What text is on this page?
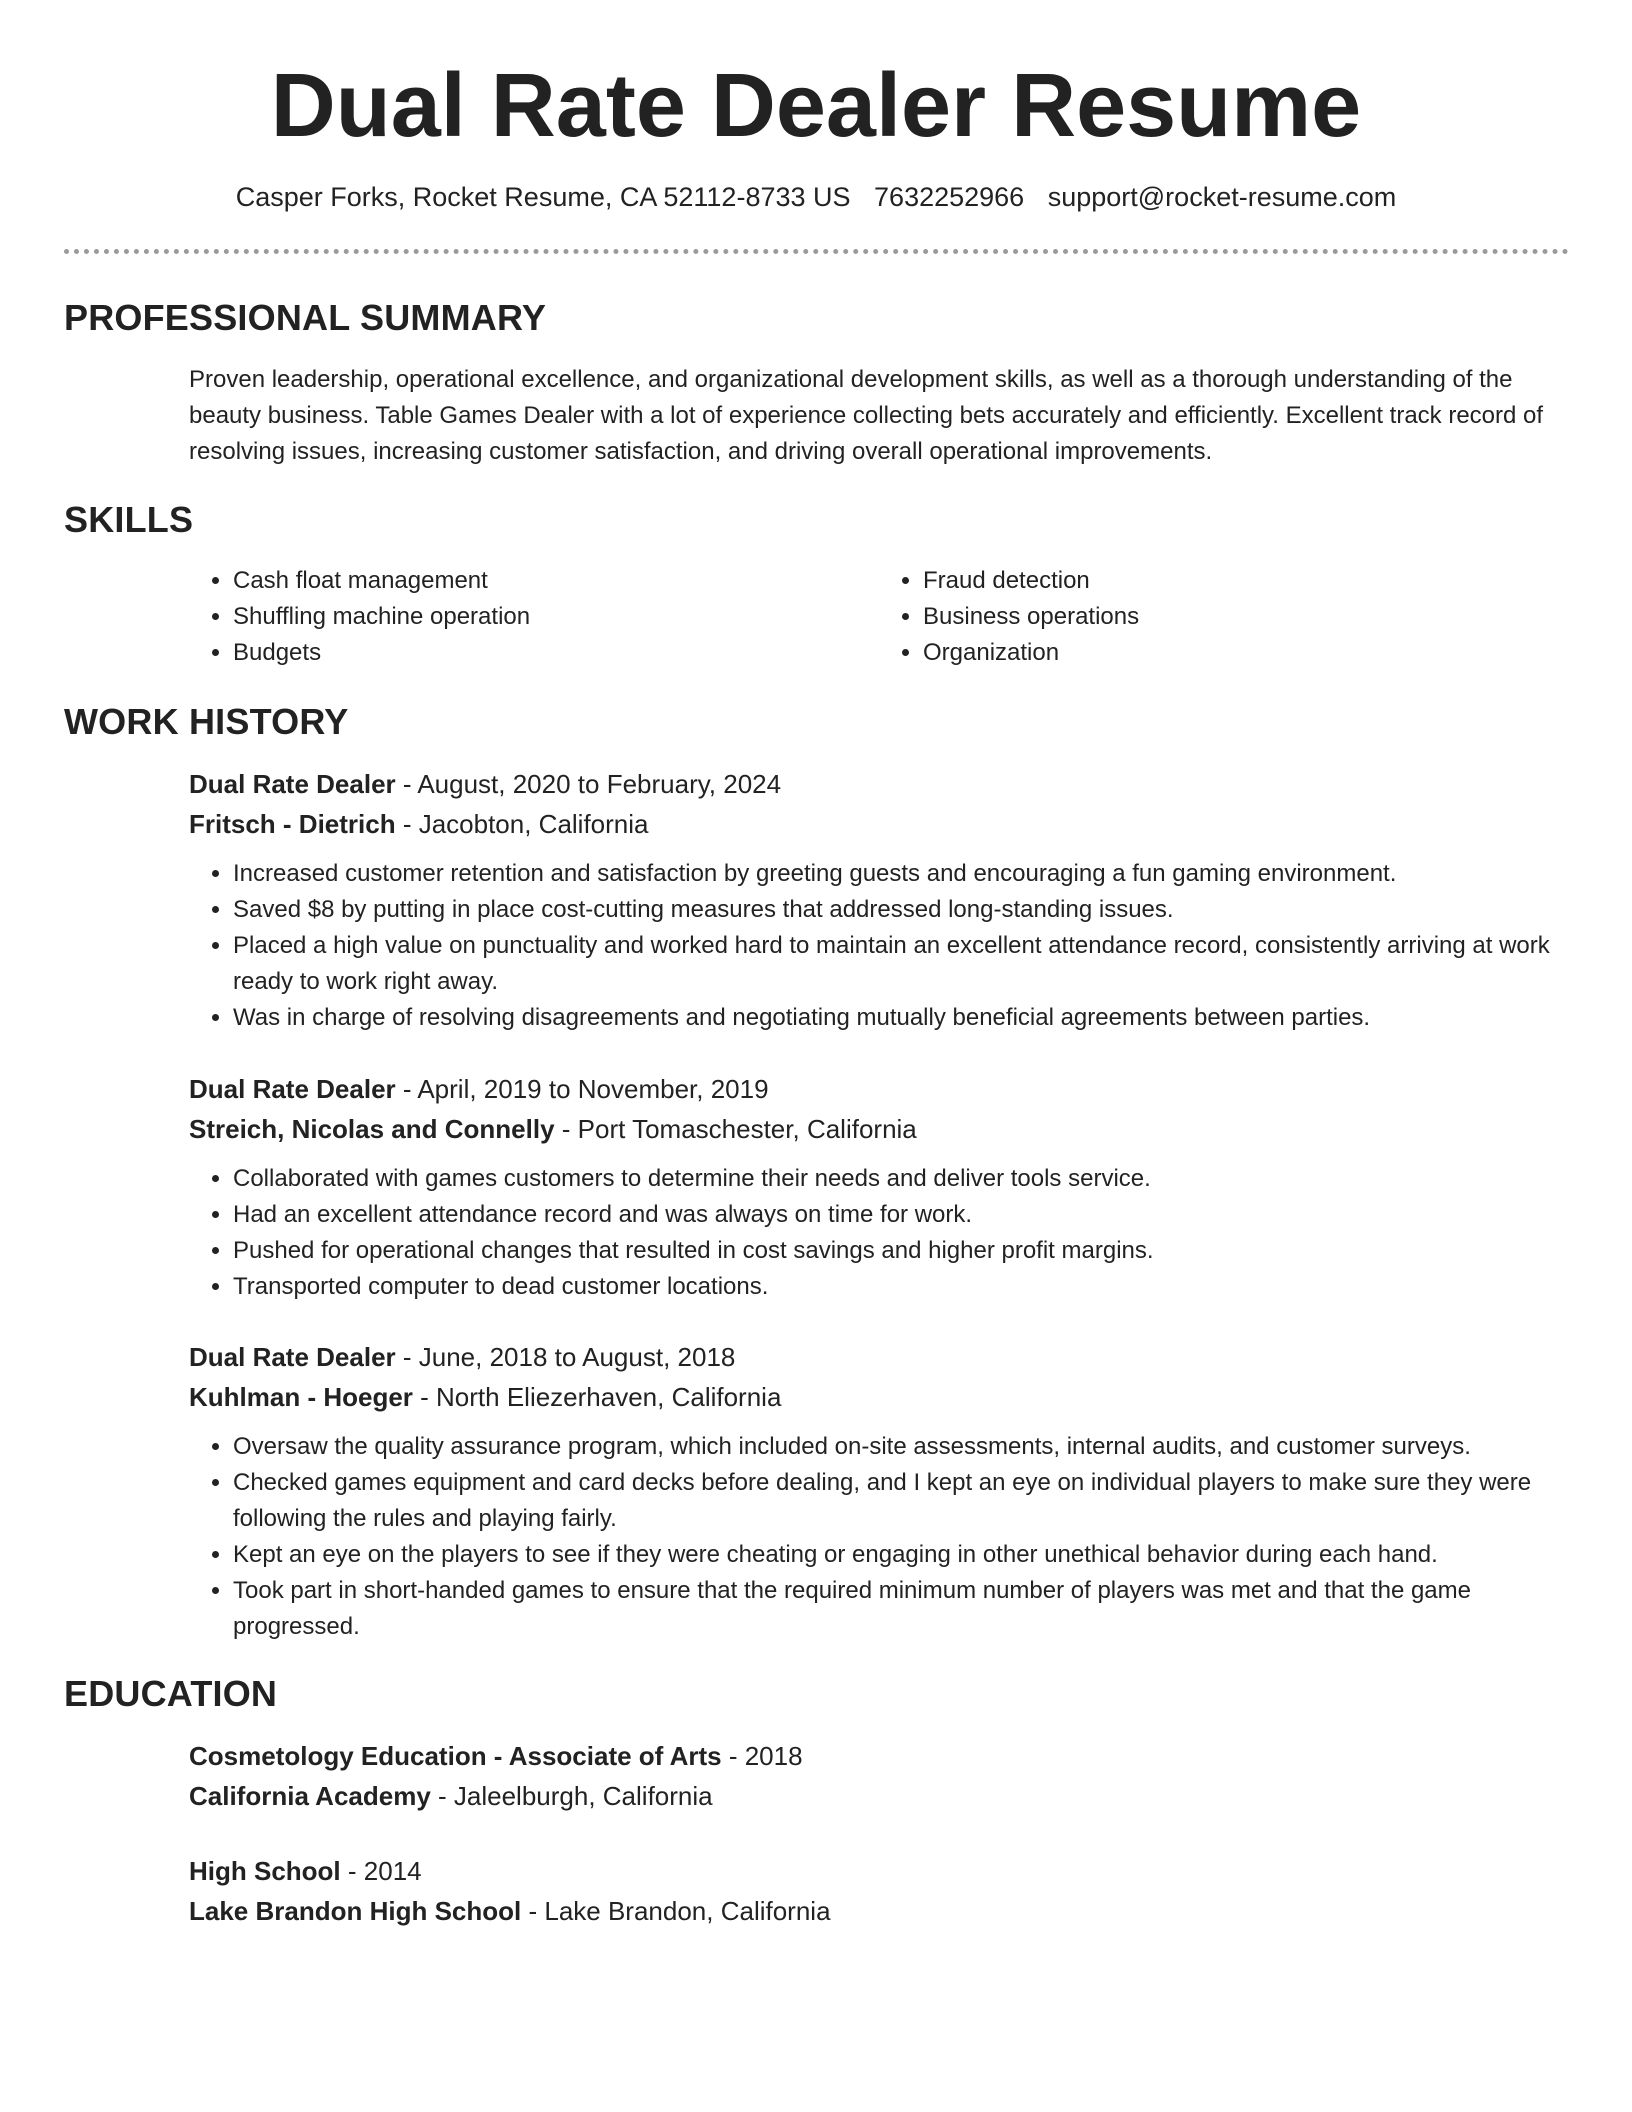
Dual Rate Dealer Resume
Casper Forks, Rocket Resume, CA 52112-8733 US 7632252966 support@rocket-resume.com
PROFESSIONAL SUMMARY

Proven leadership, operational excellence, and organizational development skills, as well as a thorough understanding of the beauty business. Table Games Dealer with a lot of experience collecting bets accurately and efficiently. Excellent track record of resolving issues, increasing customer satisfaction, and driving overall operational improvements.

SKILLS
• Cash float management
• Shuffling machine operation
• Budgets
• Fraud detection
• Business operations
• Organization
WORK HISTORY

Dual Rate Dealer - August, 2020 to February, 2024

Fritsch - Dietrich - Jacobton, California

• Increased customer retention and satisfaction by greeting guests and encouraging a fun gaming environment.
• Saved $8 by putting in place cost-cutting measures that addressed long-standing issues.
• Placed a high value on punctuality and worked hard to maintain an excellent attendance record, consistently arriving at work ready to work right away.
• Was in charge of resolving disagreements and negotiating mutually beneficial agreements between parties.

Dual Rate Dealer - April, 2019 to November, 2019

Streich, Nicolas and Connelly - Port Tomaschester, California

• Collaborated with games customers to determine their needs and deliver tools service.
• Had an excellent attendance record and was always on time for work.
• Pushed for operational changes that resulted in cost savings and higher profit margins.
• Transported computer to dead customer locations.

Dual Rate Dealer - June, 2018 to August, 2018

Kuhlman - Hoeger - North Eliezerhaven, California

• Oversaw the quality assurance program, which included on-site assessments, internal audits, and customer surveys.
• Checked games equipment and card decks before dealing, and I kept an eye on individual players to make sure they were following the rules and playing fairly.
• Kept an eye on the players to see if they were cheating or engaging in other unethical behavior during each hand.
• Took part in short-handed games to ensure that the required minimum number of players was met and that the game progressed.
EDUCATION

Cosmetology Education - Associate of Arts - 2018

California Academy - Jaleelburgh, California

High School - 2014

Lake Brandon High School - Lake Brandon, California
